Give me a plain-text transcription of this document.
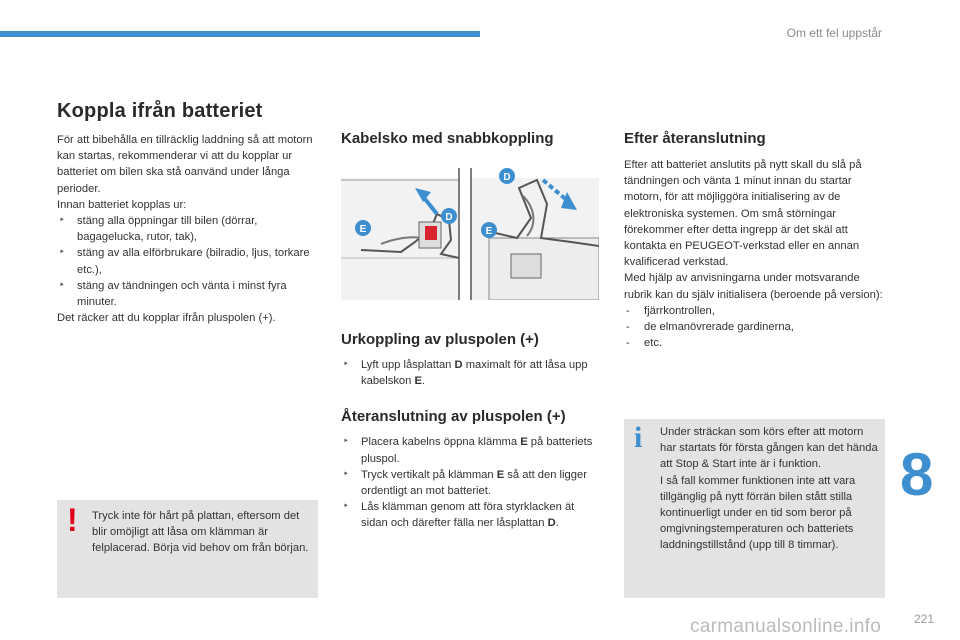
Om ett fel uppstår
Koppla ifrån batteriet
För att bibehålla en tillräcklig laddning så att motorn kan startas, rekommenderar vi att du kopplar ur batteriet om bilen ska stå oanvänd under långa perioder.
Innan batteriet kopplas ur:
‣ stäng alla öppningar till bilen (dörrar, bagagelucka, rutor, tak),
‣ stäng av alla elförbrukare (bilradio, ljus, torkare etc.),
‣ stäng av tändningen och vänta i minst fyra minuter.
Det räcker att du kopplar ifrån pluspolen (+).
! Tryck inte för hårt på plattan, eftersom det blir omöjligt att låsa om klämman är felplacerad. Börja vid behov om från början.
Kabelsko med snabbkoppling
E
D
D
E
Urkoppling av pluspolen (+)
‣ Lyft upp låsplattan D maximalt för att låsa upp kabelskon E.
Återanslutning av pluspolen (+)
‣ Placera kabelns öppna klämma E på batteriets pluspol.
‣ Tryck vertikalt på klämman E så att den ligger ordentligt an mot batteriet.
‣ Lås klämman genom att föra styrklacken ät sidan och därefter fälla ner låsplattan D.
Efter återanslutning
Efter att batteriet anslutits på nytt skall du slå på tändningen och vänta 1 minut innan du startar motorn, för att möjliggöra initialisering av de elektroniska systemen. Om små störningar förekommer efter detta ingrepp är det skäl att kontakta en PEUGEOT-verkstad eller en annan kvalificerad verkstad.
Med hjälp av anvisningarna under motsvarande rubrik kan du själv initialisera (beroende på version):
- fjärrkontrollen,
- de elmanövrerade gardinerna,
- etc.
i Under sträckan som körs efter att motorn har startats för första gången kan det hända att Stop & Start inte är i funktion.
I så fall kommer funktionen inte att vara tillgänglig på nytt förrän bilen stått stilla kontinuerligt under en tid som beror på omgivningstemperaturen och batteriets laddningstillstånd (upp till 8 timmar).
8
carmanualsonline.info	221
